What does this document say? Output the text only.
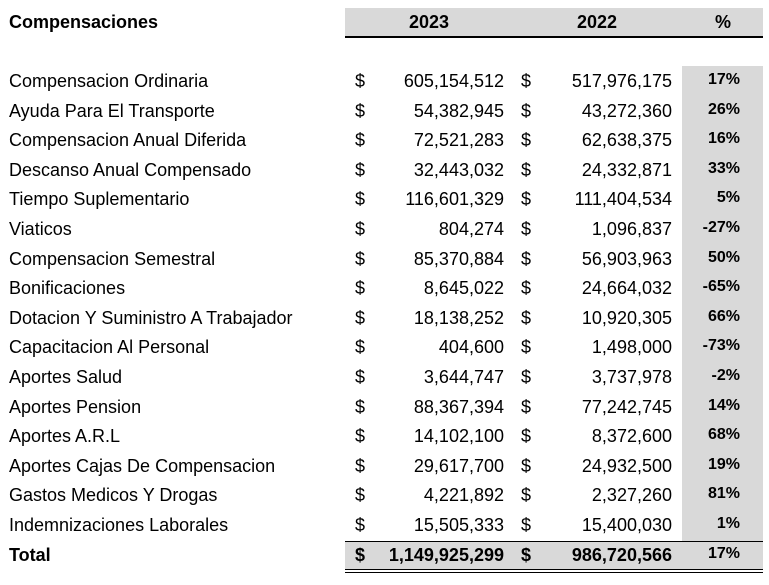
Compensaciones	2023	2022	%
Compensacion Ordinaria	$ 605,154,512 $ 517,976,175 17%
Ayuda Para El Transporte	$	54,382,945 $	43,272,360 26%
Compensacion Anual Diferida	$	72,521,283 $	62,638,375 16%
Descanso Anual Compensado	$	32,443,032 $	24,332,871 33%
Tiempo Suplementario	$ 116,601,329 $ 111,404,534	5%
Viaticos	$	804,274 $	1,096,837 -27%
Compensacion Semestral	$	85,370,884 $	56,903,963 50%
Bonificaciones	$	8,645,022 $	24,664,032 -65%
Dotacion Y Suministro A Trabajador	$	18,138,252 $	10,920,305 66%
Capacitacion Al Personal	$	404,600 $	1,498,000 -73%
Aportes Salud	$	3,644,747 $	3,737,978 -2%
Aportes Pension	$	88,367,394 $	77,242,745 14%
Aportes A.R.L	$	14,102,100 $	8,372,600 68%
Aportes Cajas De Compensacion	$	29,617,700 $	24,932,500 19%
Gastos Medicos Y Drogas	$	4,221,892 $	2,327,260 81%
Indemnizaciones Laborales	$	15,505,333 $	15,400,030	1%
Total	$ 1,149,925,299 $ 986,720,566 17%
